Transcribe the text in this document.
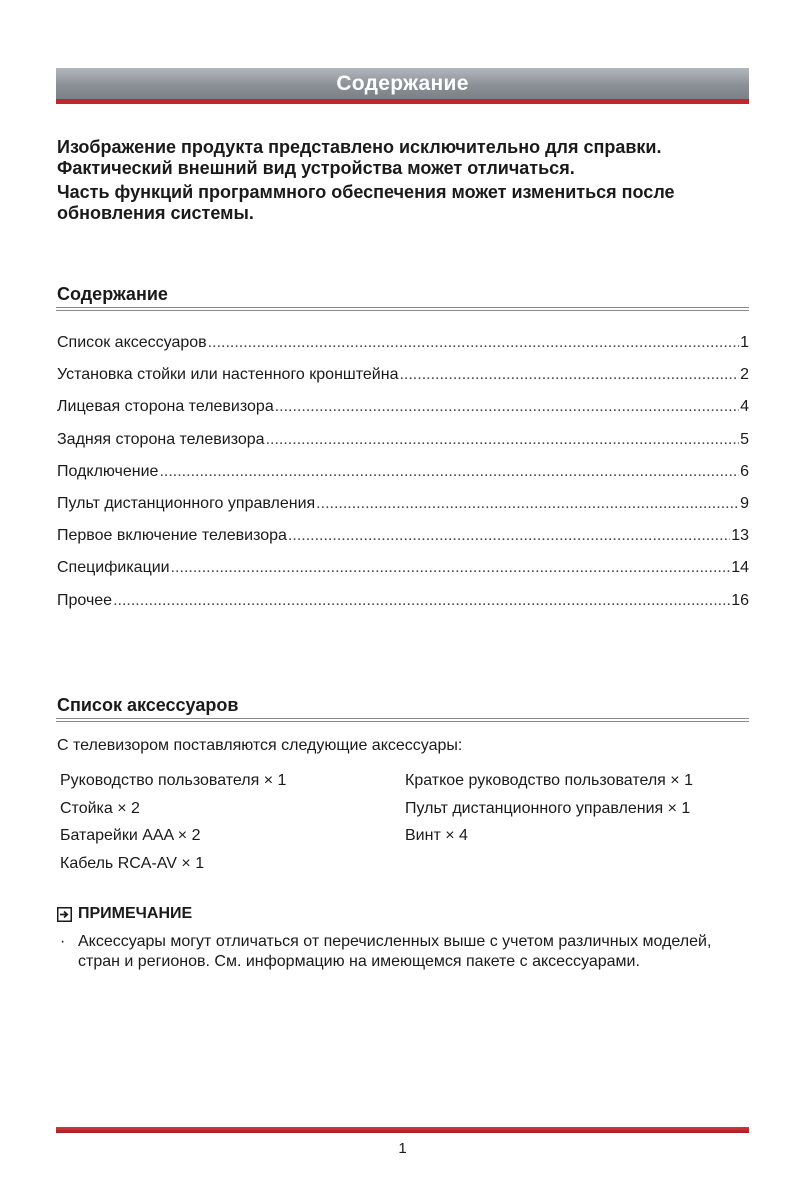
Содержание

Изображение продукта представлено исключительно для справки. Фактический внешний вид устройства может отличаться.

Часть функций программного обеспечения может измениться после обновления системы.

Содержание
Список аксессуаров .....	1
Установка стойки или настенного кронштейна .....	2
Лицевая сторона телевизора .....	4
Задняя сторона телевизора .....	5
Подключение .....	6
Пульт дистанционного управления .....	9
Первое включение телевизора .....	13
Спецификации .....	14
Прочее .....	16
Список аксессуаров

С телевизором поставляются следующие аксессуары:

Руководство пользователя × 1
Стойка × 2
Батарейки AAA × 2
Кабель RCA-AV × 1
Краткое руководство пользователя × 1
Пульт дистанционного управления × 1
Винт × 4
ПРИМЕЧАНИЕ
· Аксессуары могут отличаться от перечисленных выше с учетом различных моделей, стран и регионов. См. информацию на имеющемся пакете с аксессуарами.
1
